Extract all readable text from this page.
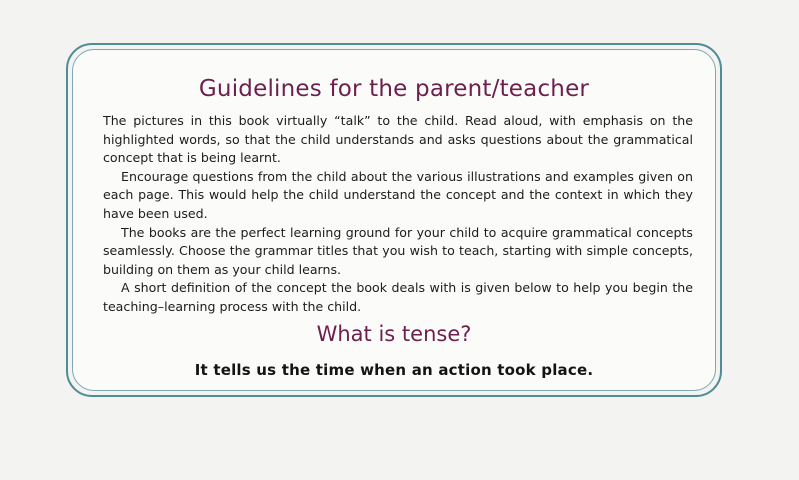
Guidelines for the parent/teacher

The pictures in this book virtually “talk” to the child. Read aloud, with emphasis on the highlighted words, so that the child understands and asks questions about the grammatical concept that is being learnt.

Encourage questions from the child about the various illustrations and examples given on each page. This would help the child understand the concept and the context in which they have been used.

The books are the perfect learning ground for your child to acquire grammatical concepts seamlessly. Choose the grammar titles that you wish to teach, starting with simple concepts, building on them as your child learns.

A short definition of the concept the book deals with is given below to help you begin the teaching–learning process with the child.

What is tense?

It tells us the time when an action took place.
